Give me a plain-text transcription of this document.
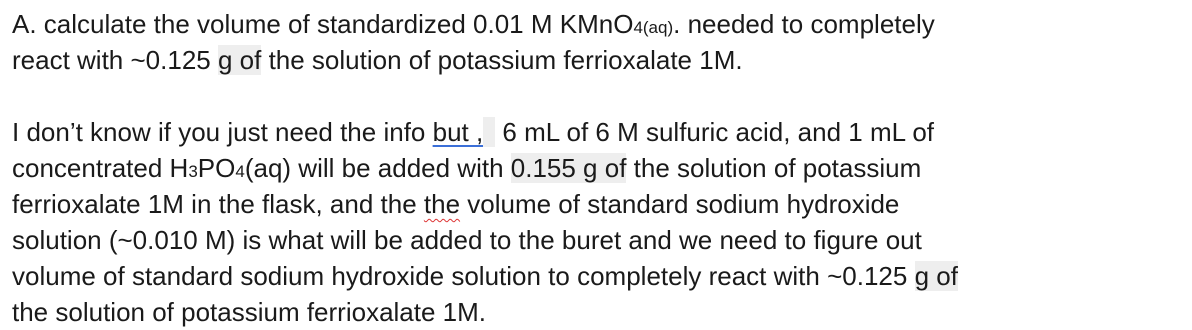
A. calculate the volume of standardized 0.01 M KMnO4(aq). needed to completely
react with ~0.125 g of the solution of potassium ferrioxalate 1M.

I don’t know if you just need the info but , 6 mL of 6 M sulfuric acid, and 1 mL of
concentrated H3PO4(aq) will be added with 0.155 g of the solution of potassium
ferrioxalate 1M in the flask, and the the volume of standard sodium hydroxide
solution (~0.010 M) is what will be added to the buret and we need to figure out
volume of standard sodium hydroxide solution to completely react with ~0.125 g of
the solution of potassium ferrioxalate 1M.
